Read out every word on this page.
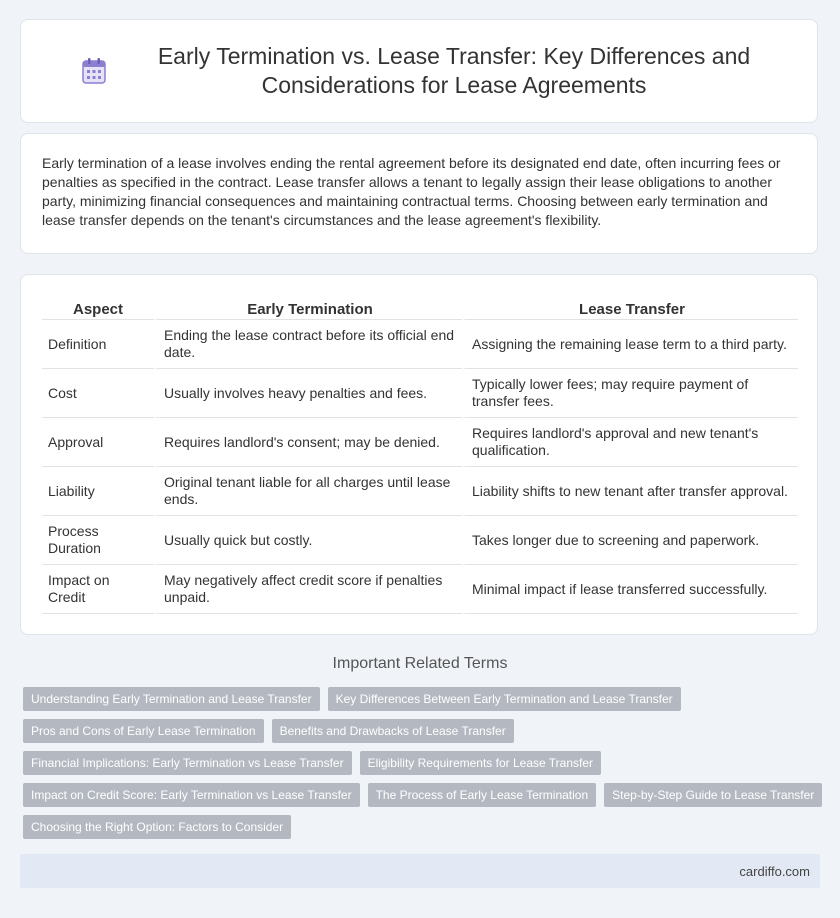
Early Termination vs. Lease Transfer: Key Differences and Considerations for Lease Agreements

Early termination of a lease involves ending the rental agreement before its designated end date, often incurring fees or penalties as specified in the contract. Lease transfer allows a tenant to legally assign their lease obligations to another party, minimizing financial consequences and maintaining contractual terms. Choosing between early termination and lease transfer depends on the tenant's circumstances and the lease agreement's flexibility.

Aspect	Early Termination	Lease Transfer
Definition	Ending the lease contract before its official end date.	Assigning the remaining lease term to a third party.
Cost	Usually involves heavy penalties and fees.	Typically lower fees; may require payment of transfer fees.
Approval	Requires landlord's consent; may be denied.	Requires landlord's approval and new tenant's qualification.
Liability	Original tenant liable for all charges until lease ends.	Liability shifts to new tenant after transfer approval.
Process Duration	Usually quick but costly.	Takes longer due to screening and paperwork.
Impact on Credit	May negatively affect credit score if penalties unpaid.	Minimal impact if lease transferred successfully.
Important Related Terms
Understanding Early Termination and Lease Transfer	Key Differences Between Early Termination and Lease Transfer
Pros and Cons of Early Lease Termination	Benefits and Drawbacks of Lease Transfer
Financial Implications: Early Termination vs Lease Transfer	Eligibility Requirements for Lease Transfer
Impact on Credit Score: Early Termination vs Lease Transfer	The Process of Early Lease Termination	Step-by-Step Guide to Lease Transfer
Choosing the Right Option: Factors to Consider
cardiffo.com
